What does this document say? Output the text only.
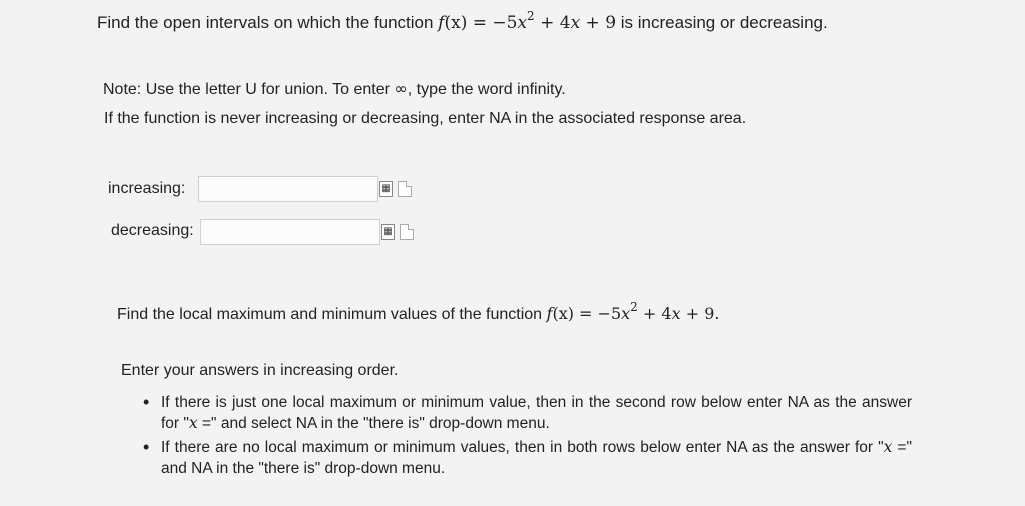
Find the open intervals on which the function $f(x) = -5x^2 + 4x + 9$ is increasing or decreasing.
Note: Use the letter U for union. To enter ∞, type the word infinity.
If the function is never increasing or decreasing, enter NA in the associated response area.
increasing:	▦
decreasing:	▦
Find the local maximum and minimum values of the function $f(x) = -5x^2 + 4x + 9$.
Enter your answers in increasing order.
• If there is just one local maximum or minimum value, then in the second row below enter NA as the answer for "x =" and select NA in the "there is" drop-down menu.
• If there are no local maximum or minimum values, then in both rows below enter NA as the answer for "x =" and NA in the "there is" drop-down menu.
